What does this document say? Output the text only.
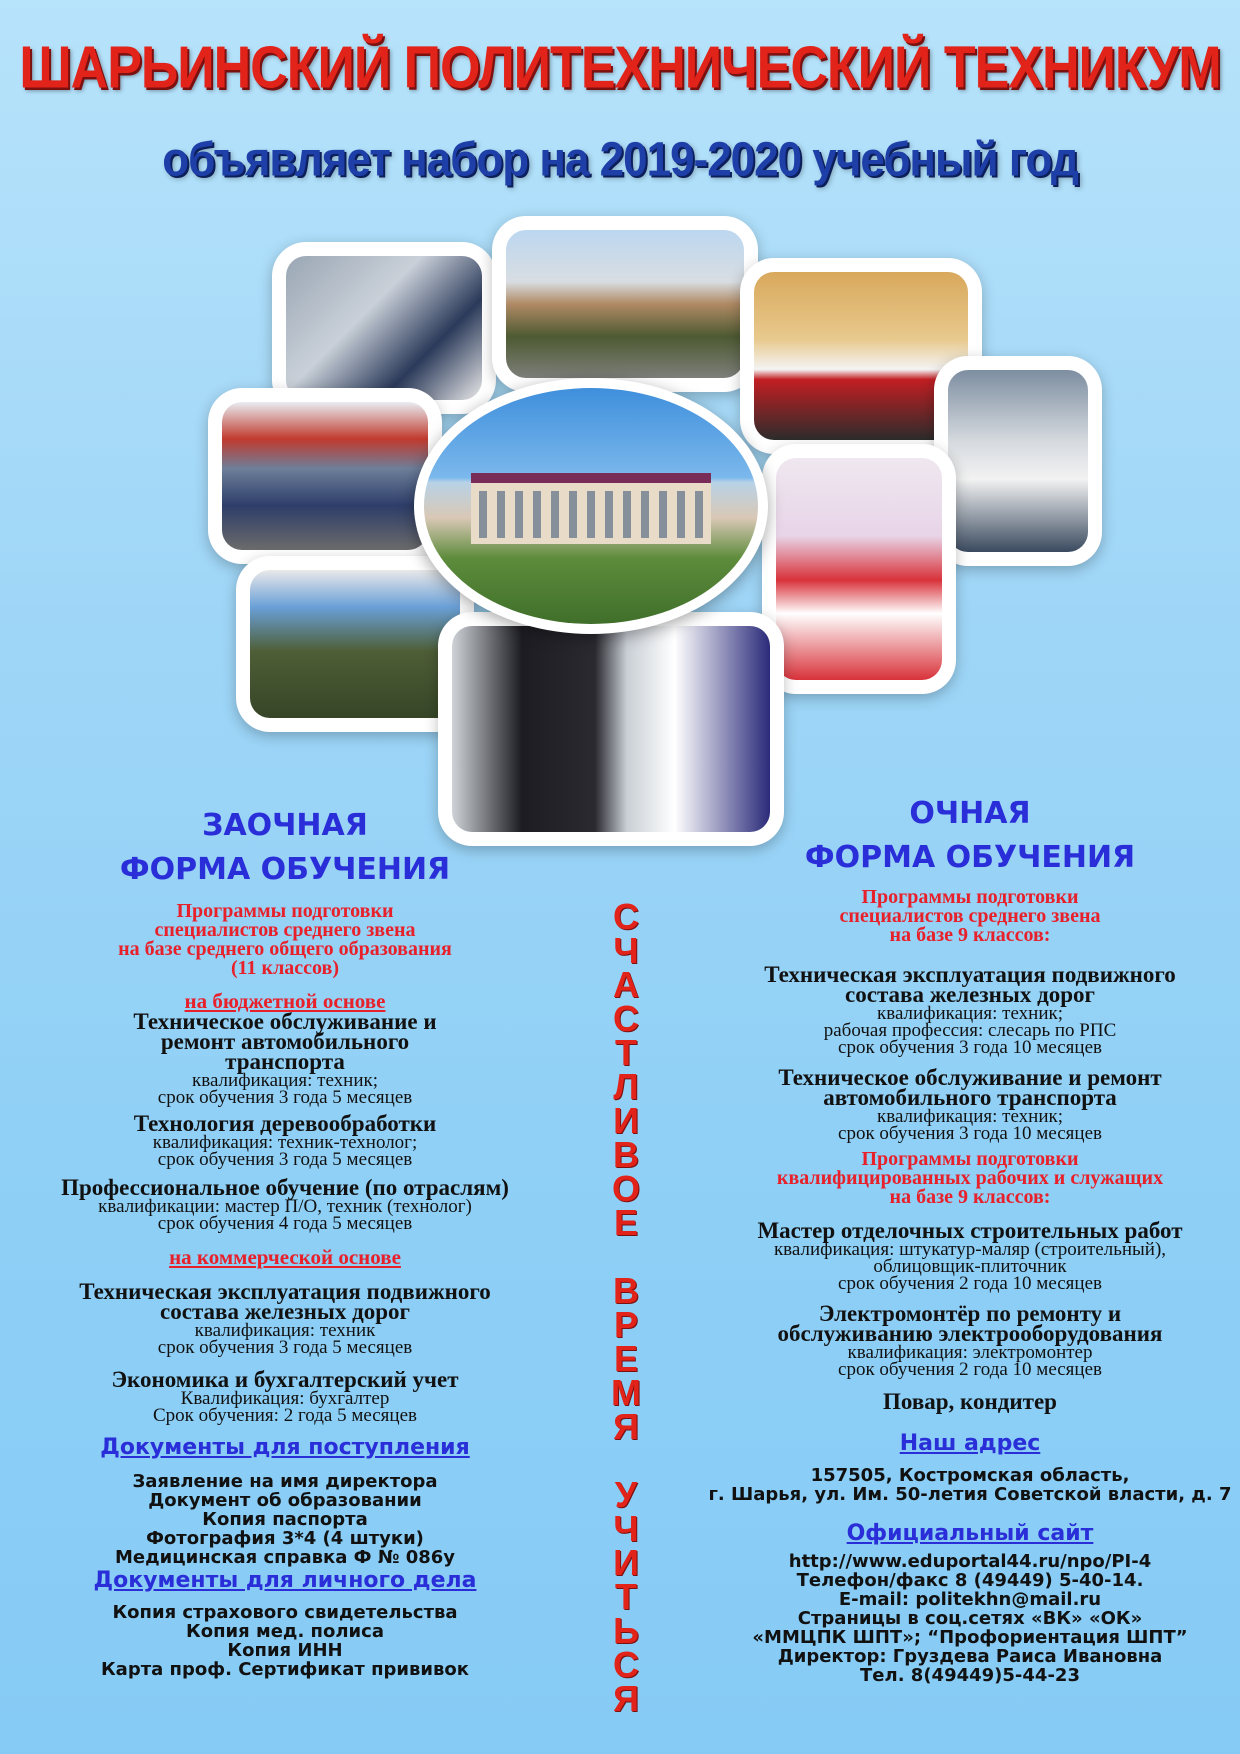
ШАРЬИНСКИЙ ПОЛИТЕХНИЧЕСКИЙ ТЕХНИКУМ
объявляет набор на 2019-2020 учебный год
С
Ч
А
С
Т
Л
И
В
О
Е

В
Р
Е
М
Я

У
Ч
И
Т
Ь
С
Я
ЗАОЧНАЯ
ФОРМА ОБУЧЕНИЯ
Программы подготовки
специалистов среднего звена
на базе среднего общего образования
(11 классов)
на бюджетной основе
Техническое обслуживание и
ремонт автомобильного
транспорта
квалификация: техник;
срок обучения 3 года 5 месяцев
Технология деревообработки
квалификация: техник-технолог;
срок обучения 3 года 5 месяцев
Профессиональное обучение (по отраслям)
квалификации: мастер П/О, техник (технолог)
срок обучения 4 года 5 месяцев
на коммерческой основе
Техническая эксплуатация подвижного
состава железных дорог
квалификация: техник
срок обучения 3 года 5 месяцев
Экономика и бухгалтерский учет
Квалификация: бухгалтер
Срок обучения: 2 года 5 месяцев
Документы для поступления
Заявление на имя директора
Документ об образовании
Копия паспорта
Фотография 3*4 (4 штуки)
Медицинская справка Ф № 086у
Документы для личного дела
Копия страхового свидетельства
Копия мед. полиса
Копия ИНН
Карта проф. Сертификат прививок
ОЧНАЯ
ФОРМА ОБУЧЕНИЯ
Программы подготовки
специалистов среднего звена
на базе 9 классов:
Техническая эксплуатация подвижного
состава железных дорог
квалификация: техник;
рабочая профессия: слесарь по РПС
срок обучения 3 года 10 месяцев
Техническое обслуживание и ремонт
автомобильного транспорта
квалификация: техник;
срок обучения 3 года 10 месяцев
Программы подготовки
квалифицированных рабочих и служащих
на базе 9 классов:
Мастер отделочных строительных работ
квалификация: штукатур-маляр (строительный),
облицовщик-плиточник
срок обучения 2 года 10 месяцев
Электромонтёр по ремонту и
обслуживанию электрооборудования
квалификация: электромонтер
срок обучения 2 года 10 месяцев
Повар, кондитер
Наш адрес
157505, Костромская область,
г. Шарья, ул. Им. 50-летия Советской власти, д. 7
Официальный сайт
http://www.eduportal44.ru/npo/PI-4
Телефон/факс 8 (49449) 5-40-14.
E-mail: politekhn@mail.ru
Страницы в соц.сетях «ВК» «ОК»
«ММЦПК ШПТ»; “Профориентация ШПТ”
Директор: Груздева Раиса Ивановна
Тел. 8(49449)5-44-23
